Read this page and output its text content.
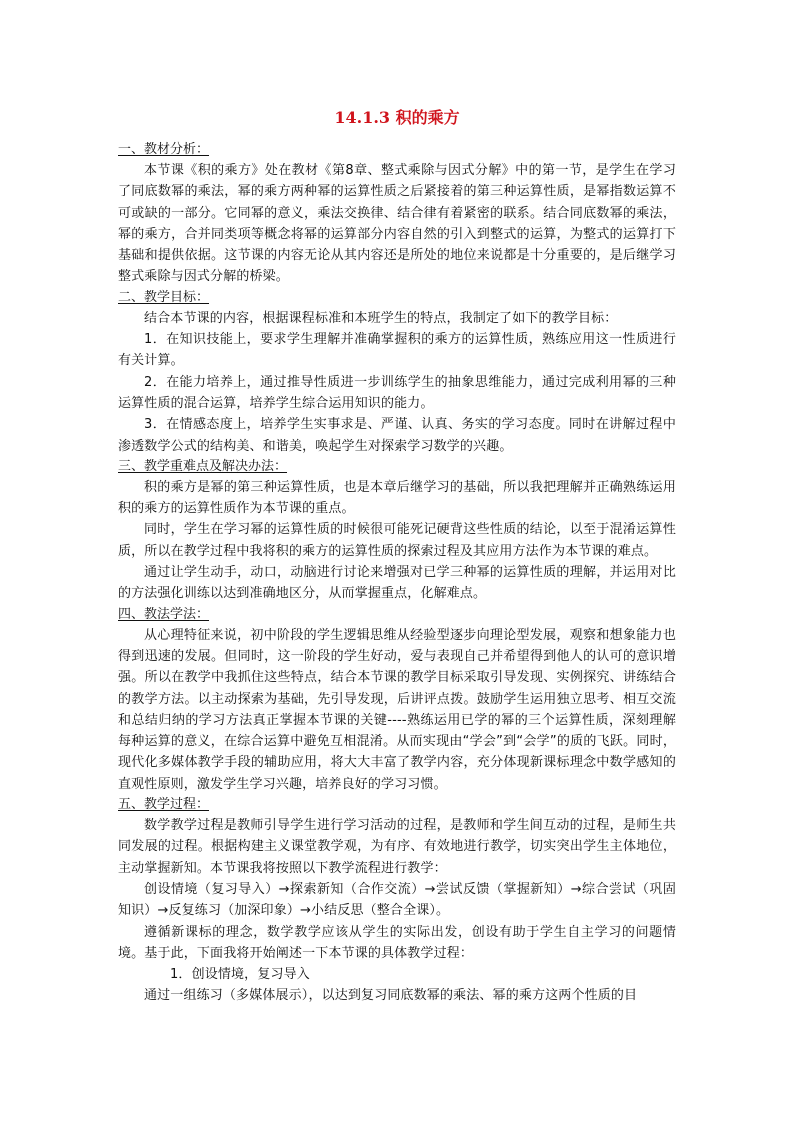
14.1.3 积的乘方
一、教材分析：
本节课《积的乘方》处在教材《第8章、整式乘除与因式分解》中的第一节，是学生在学习了同底数幂的乘法，幂的乘方两种幂的运算性质之后紧接着的第三种运算性质，是幂指数运算不可或缺的一部分。它同幂的意义，乘法交换律、结合律有着紧密的联系。结合同底数幂的乘法，幂的乘方，合并同类项等概念将幂的运算部分内容自然的引入到整式的运算，为整式的运算打下基础和提供依据。这节课的内容无论从其内容还是所处的地位来说都是十分重要的，是后继学习整式乘除与因式分解的桥梁。
二、教学目标：
结合本节课的内容，根据课程标准和本班学生的特点，我制定了如下的教学目标：
1．在知识技能上，要求学生理解并准确掌握积的乘方的运算性质，熟练应用这一性质进行有关计算。
2．在能力培养上，通过推导性质进一步训练学生的抽象思维能力，通过完成利用幂的三种运算性质的混合运算，培养学生综合运用知识的能力。
3．在情感态度上，培养学生实事求是、严谨、认真、务实的学习态度。同时在讲解过程中渗透数学公式的结构美、和谐美，唤起学生对探索学习数学的兴趣。
三、教学重难点及解决办法：
积的乘方是幂的第三种运算性质，也是本章后继学习的基础，所以我把理解并正确熟练运用积的乘方的运算性质作为本节课的重点。
同时，学生在学习幂的运算性质的时候很可能死记硬背这些性质的结论，以至于混淆运算性质，所以在教学过程中我将积的乘方的运算性质的探索过程及其应用方法作为本节课的难点。
通过让学生动手，动口，动脑进行讨论来增强对已学三种幂的运算性质的理解，并运用对比的方法强化训练以达到准确地区分，从而掌握重点，化解难点。
四、教法学法：
从心理特征来说，初中阶段的学生逻辑思维从经验型逐步向理论型发展，观察和想象能力也得到迅速的发展。但同时，这一阶段的学生好动，爱与表现自己并希望得到他人的认可的意识增强。所以在教学中我抓住这些特点，结合本节课的教学目标采取引导发现、实例探究、讲练结合的教学方法。以主动探索为基础，先引导发现，后讲评点拨。鼓励学生运用独立思考、相互交流和总结归纳的学习方法真正掌握本节课的关键----熟练运用已学的幂的三个运算性质，深刻理解每种运算的意义，在综合运算中避免互相混淆。从而实现由“学会”到“会学”的质的飞跃。同时，现代化多媒体教学手段的辅助应用，将大大丰富了教学内容，充分体现新课标理念中数学感知的直观性原则，激发学生学习兴趣，培养良好的学习习惯。
五、教学过程：
数学教学过程是教师引导学生进行学习活动的过程，是教师和学生间互动的过程，是师生共同发展的过程。根据构建主义课堂教学观，为有序、有效地进行教学，切实突出学生主体地位，主动掌握新知。本节课我将按照以下教学流程进行教学：
创设情境（复习导入）→探索新知（合作交流）→尝试反馈（掌握新知）→综合尝试（巩固知识）→反复练习（加深印象）→小结反思（整合全课）。
遵循新课标的理念，数学教学应该从学生的实际出发，创设有助于学生自主学习的问题情境。基于此，下面我将开始阐述一下本节课的具体教学过程：
1．创设情境，复习导入
通过一组练习（多媒体展示），以达到复习同底数幂的乘法、幂的乘方这两个性质的目
